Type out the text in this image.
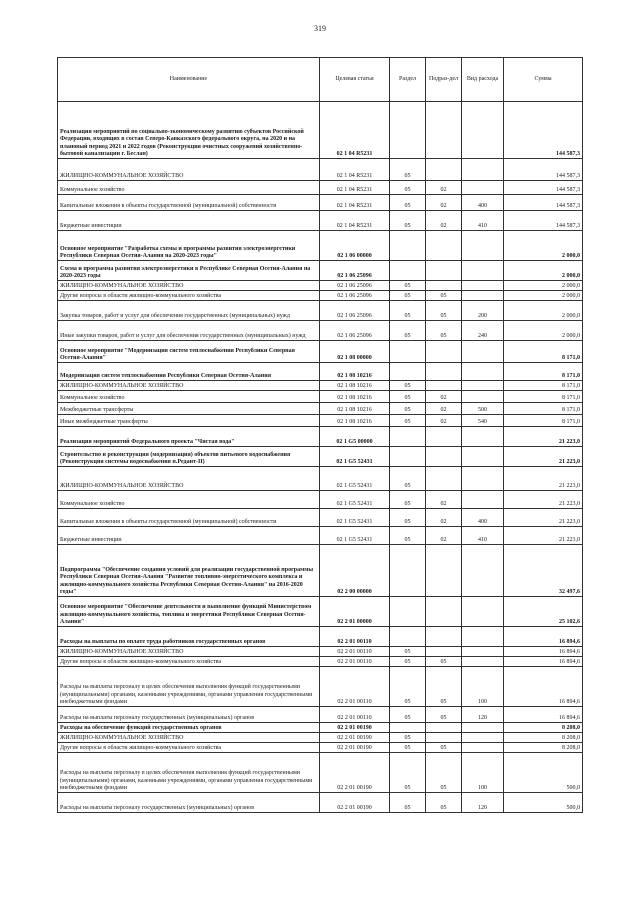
319
Наименование	Целевая статья	Раздел	Подраз-дел	Вид расхода	Сумма
Реализация мероприятий по социально-экономическому развитию субъектов Российской Федерации, входящих в состав Северо-Кавказского федерального округа, на 2020 и на плановый период 2021 и 2022 годов (Реконструкция очистных сооружений хозяйственно-бытовой канализации г. Беслан)	02 1 04 R5231				144 587,3
ЖИЛИЩНО-КОММУНАЛЬНОЕ ХОЗЯЙСТВО	02 1 04 R5231	05			144 587,3
Коммунальное хозяйство	02 1 04 R5231	05	02		144 587,3
Капитальные вложения в объекты государственной (муниципальной) собственности	02 1 04 R5231	05	02	400	144 587,3
Бюджетные инвестиции	02 1 04 R5231	05	02	410	144 587,3
Основное мероприятие "Разработка схемы и программы развития электроэнергетики Республики Северная Осетия-Алания на 2020-2023 годы"	02 1 06 00000				2 000,0
Схема и программа развития электроэнергетики в Республике Северная Осетия-Алания на 2020-2023 годы	02 1 06 25096				2 000,0
ЖИЛИЩНО-КОММУНАЛЬНОЕ ХОЗЯЙСТВО	02 1 06 25096	05			2 000,0
Другие вопросы в области жилищно-коммунального хозяйства	02 1 06 25096	05	05		2 000,0
Закупка товаров, работ и услуг для обеспечения государственных (муниципальных) нужд	02 1 06 25096	05	05	200	2 000,0
Иные закупки товаров, работ и услуг для обеспечения государственных (муниципальных) нужд	02 1 06 25096	05	05	240	2 000,0
Основное мероприятие "Модернизация систем теплоснабжения Республики Северная Осетия-Алания"	02 1 08 00000				8 171,0
Модернизация систем теплоснабжения Республики Северная Осетия-Алания	02 1 08 10216				8 171,0
ЖИЛИЩНО-КОММУНАЛЬНОЕ ХОЗЯЙСТВО	02 1 08 10216	05			8 171,0
Коммунальное хозяйство	02 1 08 10216	05	02		8 171,0
Межбюджетные трансферты	02 1 08 10216	05	02	500	8 171,0
Иные межбюджетные трансферты	02 1 08 10216	05	02	540	8 171,0
Реализация мероприятий Федерального проекта "Чистая вода"	02 1 G5 00000				21 223,0
Строительство и реконструкция (модернизация) объектов питьевого водоснабжения (Реконструкция системы водоснабжения п.Редант-II)	02 1 G5 52431				21 223,0
ЖИЛИЩНО-КОММУНАЛЬНОЕ ХОЗЯЙСТВО	02 1 G5 52431	05			21 223,0
Коммунальное хозяйство	02 1 G5 52431	05	02		21 223,0
Капитальные вложения в объекты государственной (муниципальной) собственности	02 1 G5 52431	05	02	400	21 223,0
Бюджетные инвестиции	02 1 G5 52431	05	02	410	21 223,0
Подпрограмма "Обеспечение создания условий для реализации государственной программы Республики Северная Осетия-Алания "Развитие топливно-энергетического комплекса и жилищно-коммунального хозяйства Республики Северная Осетия-Алания" на 2016-2020 годы"	02 2 00 00000				32 497,6
Основное мероприятие "Обеспечение деятельности и выполнение функций Министерством жилищно-коммунального хозяйства, топлива и энергетики Республики Северная Осетия-Алания"	02 2 01 00000				25 102,6
Расходы на выплаты по оплате труда работников государственных органов	02 2 01 00110				16 894,6
ЖИЛИЩНО-КОММУНАЛЬНОЕ ХОЗЯЙСТВО	02 2 01 00110	05			16 894,6
Другие вопросы в области жилищно-коммунального хозяйства	02 2 01 00110	05	05		16 894,6
Расходы на выплаты персоналу в целях обеспечения выполнения функций государственными (муниципальными) органами, казенными учреждениями, органами управления государственными внебюджетными фондами	02 2 01 00110	05	05	100	16 894,6
Расходы на выплаты персоналу государственных (муниципальных) органов	02 2 01 00110	05	05	120	16 894,6
Расходы на обеспечение функций государственных органов	02 2 01 00190				8 208,0
ЖИЛИЩНО-КОММУНАЛЬНОЕ ХОЗЯЙСТВО	02 2 01 00190	05			8 208,0
Другие вопросы в области жилищно-коммунального хозяйства	02 2 01 00190	05	05		8 208,0
Расходы на выплаты персоналу в целях обеспечения выполнения функций государственными (муниципальными) органами, казенными учреждениями, органами управления государственными внебюджетными фондами	02 2 01 00190	05	05	100	500,0
Расходы на выплаты персоналу государственных (муниципальных) органов	02 2 01 00190	05	05	120	500,0
